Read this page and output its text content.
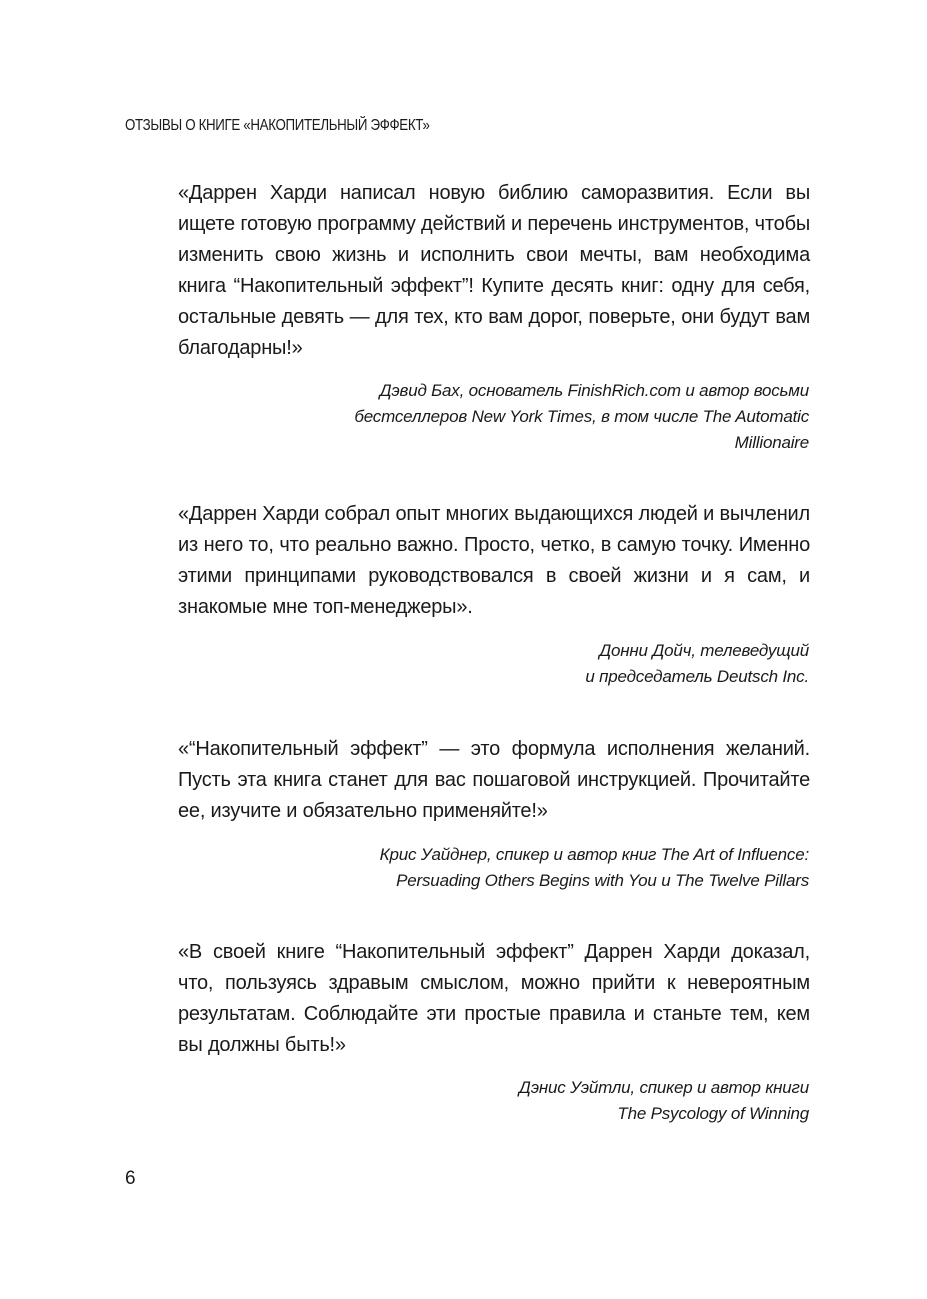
ОТЗЫВЫ О КНИГЕ «НАКОПИТЕЛЬНЫЙ ЭФФЕКТ»

«Даррен Харди написал новую библию саморазвития. Если вы ищете готовую программу действий и перечень инструментов, чтобы изменить свою жизнь и исполнить свои мечты, вам необходима книга “Накопительный эффект”! Купите десять книг: одну для себя, остальные девять — для тех, кто вам дорог, поверьте, они будут вам благодарны!»

Дэвид Бах, основатель FinishRich.com и автор восьми
бестселлеров New York Times, в том числе The Automatic
Millionaire

«Даррен Харди собрал опыт многих выдающихся людей и вычленил из него то, что реально важно. Просто, четко, в самую точку. Именно этими принципами руководствовался в своей жизни и я сам, и знакомые мне топ-менеджеры».

Донни Дойч, телеведущий
и председатель Deutsch Inc.

«“Накопительный эффект” — это формула исполнения желаний. Пусть эта книга станет для вас пошаговой инструкцией. Прочитайте ее, изучите и обязательно применяйте!»

Крис Уайднер, спикер и автор книг The Art of Influence:
Persuading Others Begins with You и The Twelve Pillars

«В своей книге “Накопительный эффект” Даррен Харди доказал, что, пользуясь здравым смыслом, можно прийти к невероятным результатам. Соблюдайте эти простые правила и станьте тем, кем вы должны быть!»

Дэнис Уэйтли, спикер и автор книги
The Psycology of Winning

6
